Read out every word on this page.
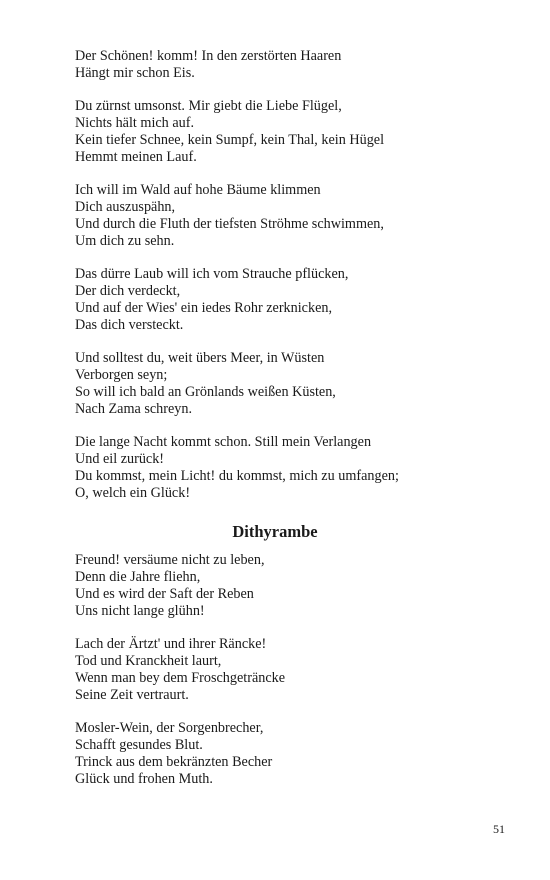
Der Schönen! komm! In den zerstörten Haaren
Hängt mir schon Eis.
Du zürnst umsonst. Mir giebt die Liebe Flügel,
Nichts hält mich auf.
Kein tiefer Schnee, kein Sumpf, kein Thal, kein Hügel
Hemmt meinen Lauf.
Ich will im Wald auf hohe Bäume klimmen
Dich auszuspähn,
Und durch die Fluth der tiefsten Ströhme schwimmen,
Um dich zu sehn.
Das dürre Laub will ich vom Strauche pflücken,
Der dich verdeckt,
Und auf der Wies' ein iedes Rohr zerknicken,
Das dich versteckt.
Und solltest du, weit übers Meer, in Wüsten
Verborgen seyn;
So will ich bald an Grönlands weißen Küsten,
Nach Zama schreyn.
Die lange Nacht kommt schon. Still mein Verlangen
Und eil zurück!
Du kommst, mein Licht! du kommst, mich zu umfangen;
O, welch ein Glück!
Dithyrambe
Freund! versäume nicht zu leben,
Denn die Jahre fliehn,
Und es wird der Saft der Reben
Uns nicht lange glühn!
Lach der Ärtzt' und ihrer Räncke!
Tod und Kranckheit laurt,
Wenn man bey dem Froschgeträncke
Seine Zeit vertraurt.
Mosler-Wein, der Sorgenbrecher,
Schafft gesundes Blut.
Trinck aus dem bekränzten Becher
Glück und frohen Muth.
51
